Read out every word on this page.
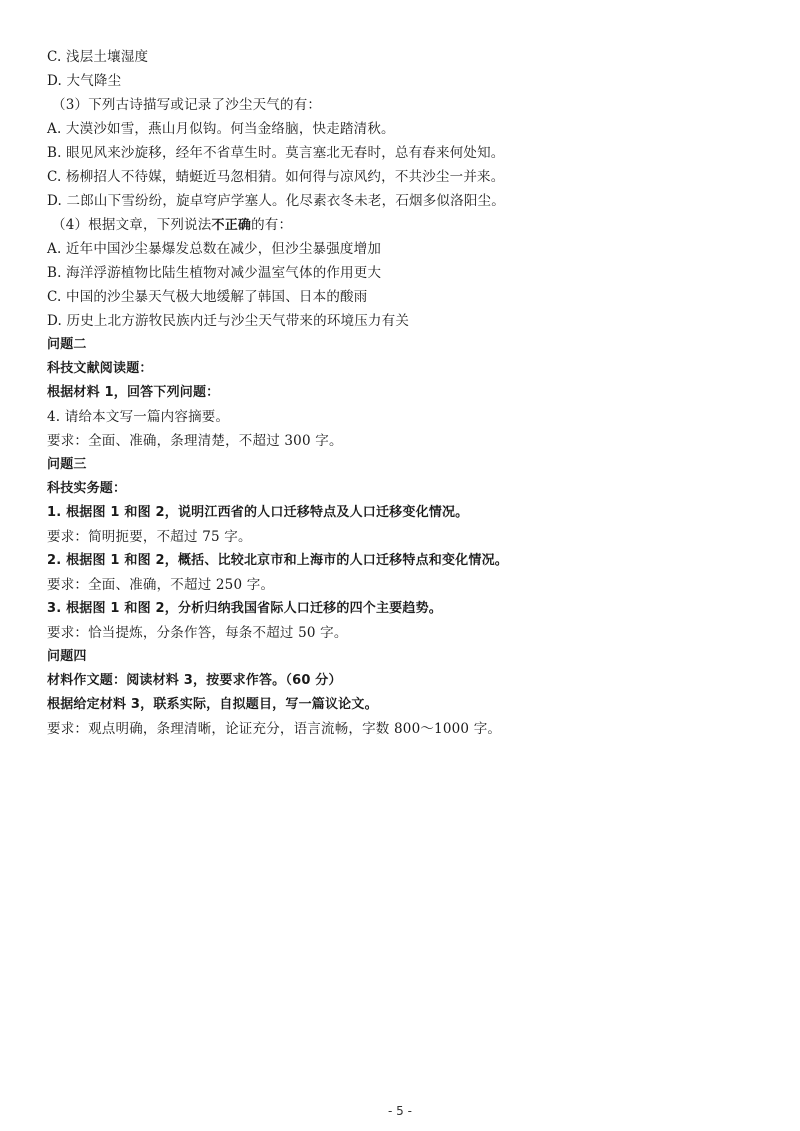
C. 浅层土壤湿度
D. 大气降尘
（3）下列古诗描写或记录了沙尘天气的有：
A. 大漠沙如雪，燕山月似钩。何当金络脑，快走踏清秋。
B. 眼见风来沙旋移，经年不省草生时。莫言塞北无春时，总有春来何处知。
C. 杨柳招人不待媒，蜻蜓近马忽相猜。如何得与凉风约，不共沙尘一并来。
D. 二郎山下雪纷纷，旋卓穹庐学塞人。化尽素衣冬未老，石烟多似洛阳尘。
（4）根据文章，下列说法不正确的有：
A. 近年中国沙尘暴爆发总数在减少，但沙尘暴强度增加
B. 海洋浮游植物比陆生植物对减少温室气体的作用更大
C. 中国的沙尘暴天气极大地缓解了韩国、日本的酸雨
D. 历史上北方游牧民族内迁与沙尘天气带来的环境压力有关
问题二
科技文献阅读题：
根据材料 1，回答下列问题：
4. 请给本文写一篇内容摘要。
要求：全面、准确，条理清楚，不超过 300 字。
问题三
科技实务题：
1. 根据图 1 和图 2，说明江西省的人口迁移特点及人口迁移变化情况。
要求：简明扼要，不超过 75 字。
2. 根据图 1 和图 2，概括、比较北京市和上海市的人口迁移特点和变化情况。
要求：全面、准确，不超过 250 字。
3. 根据图 1 和图 2，分析归纳我国省际人口迁移的四个主要趋势。
要求：恰当提炼，分条作答，每条不超过 50 字。
问题四
材料作文题：阅读材料 3，按要求作答。（60 分）
根据给定材料 3，联系实际，自拟题目，写一篇议论文。
要求：观点明确，条理清晰，论证充分，语言流畅，字数 800～1000 字。
- 5 -
